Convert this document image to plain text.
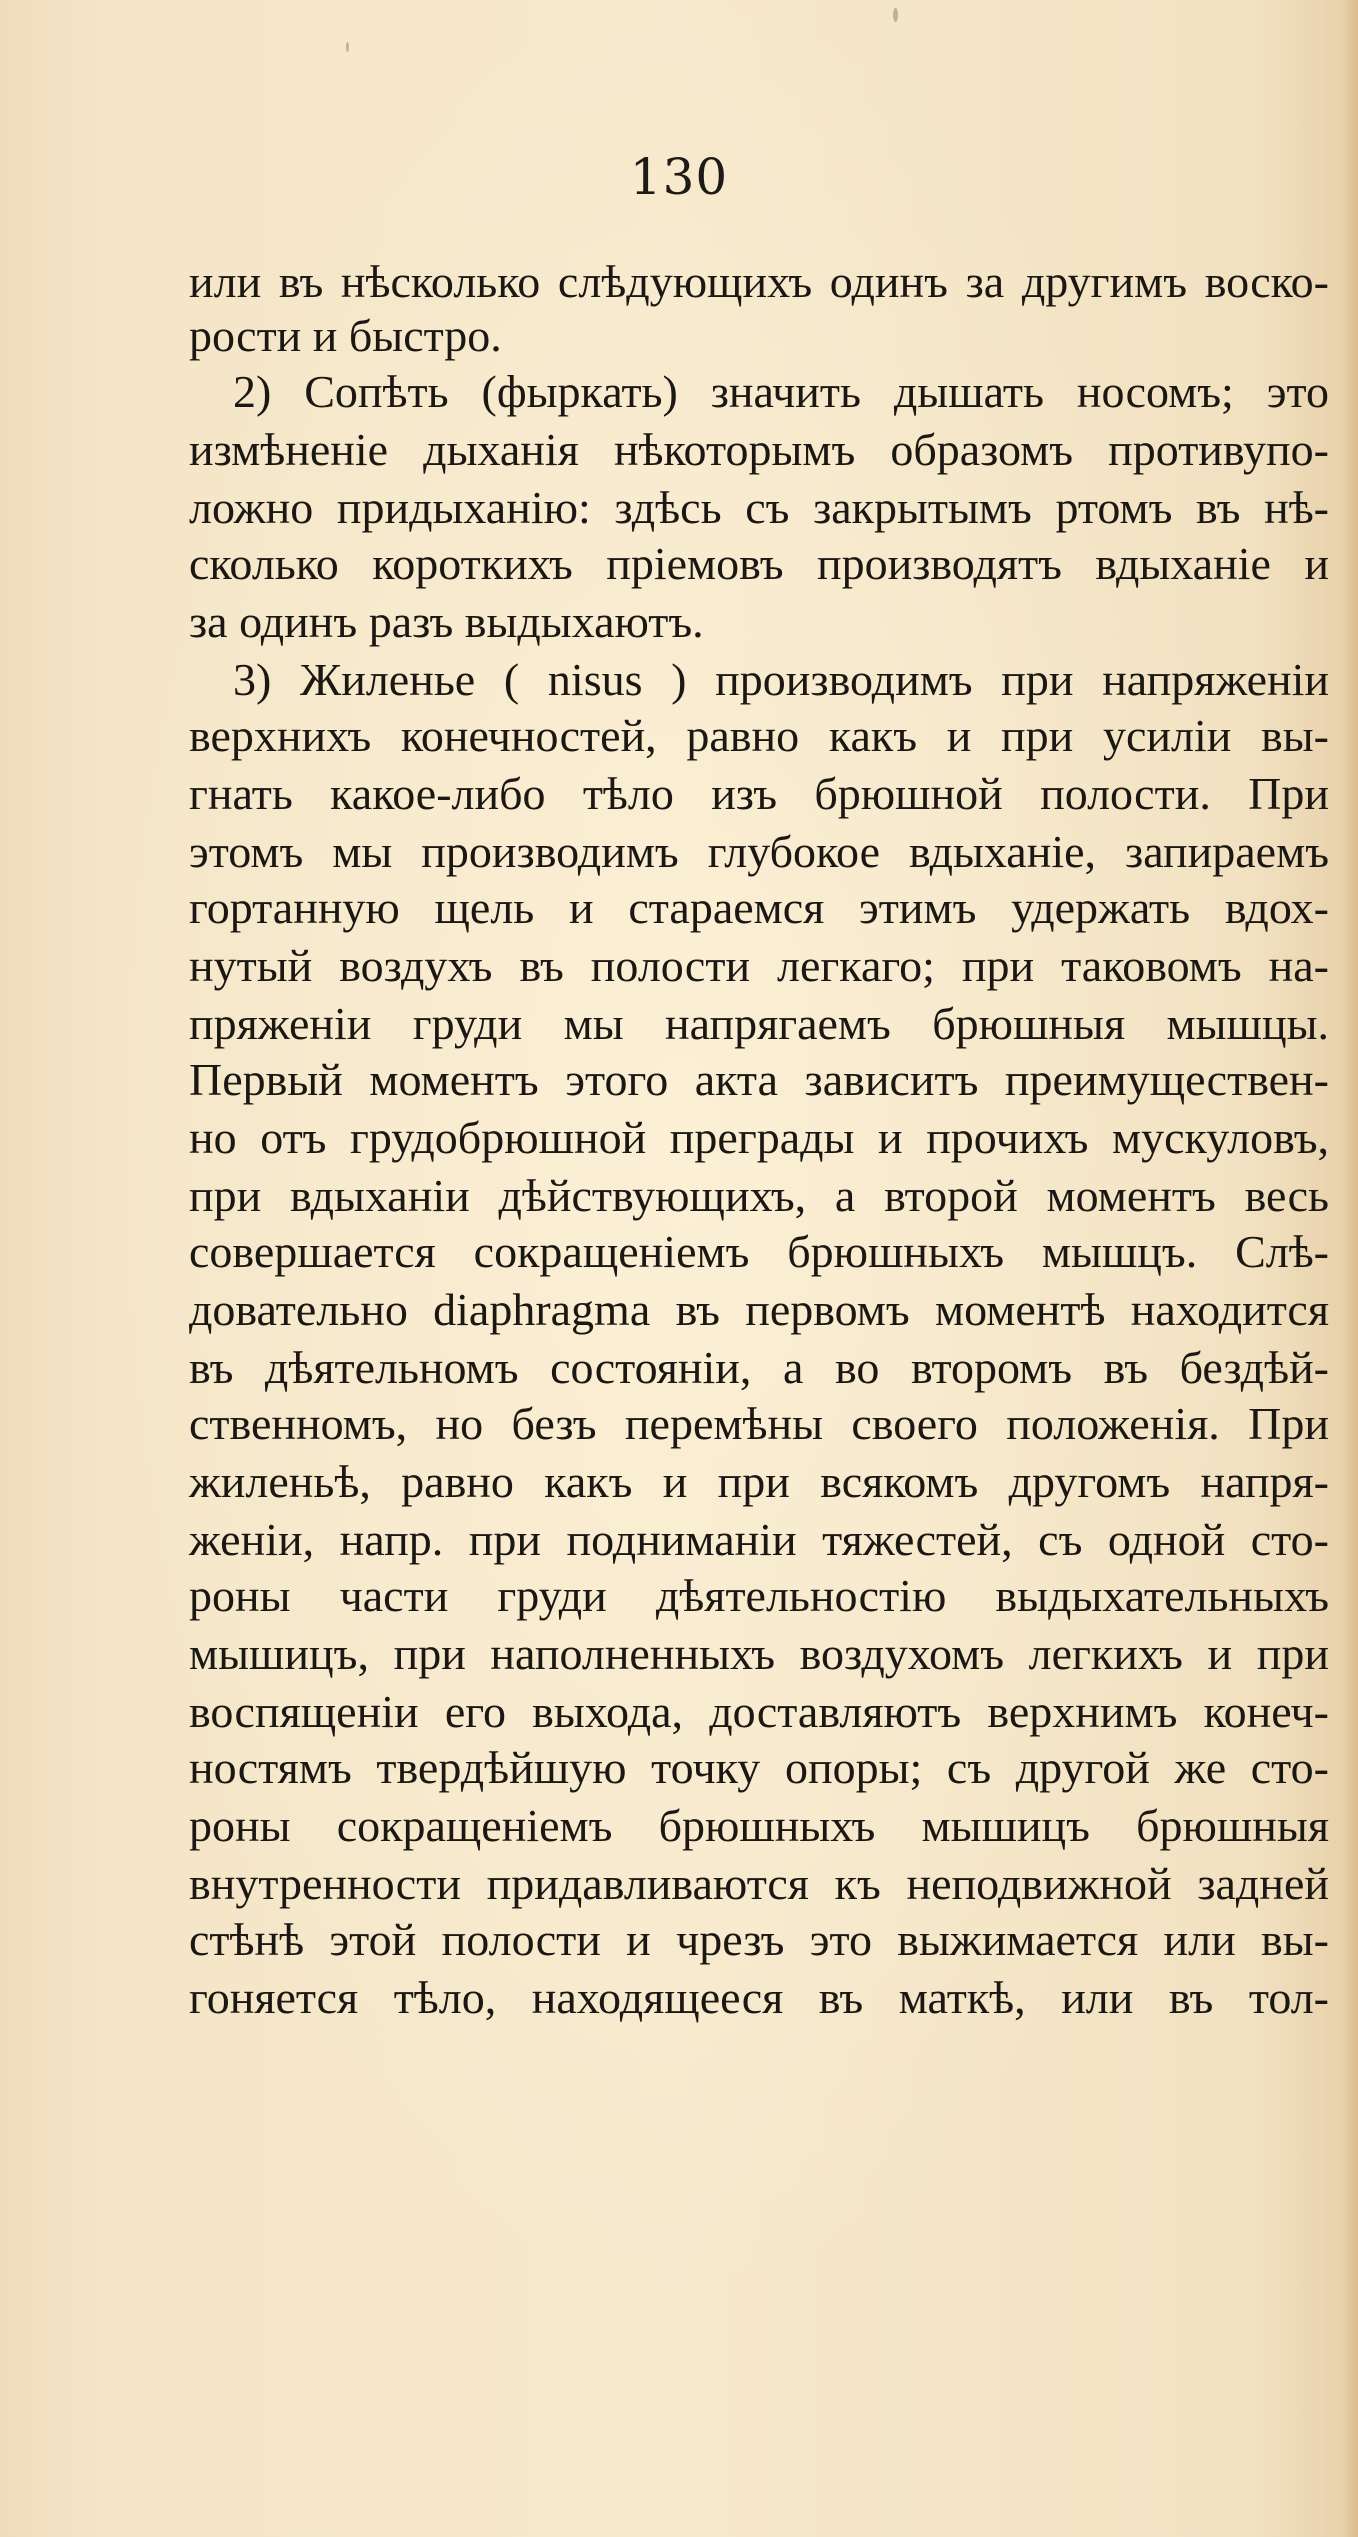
130
или въ нѣсколько слѣдующихъ одинъ за другимъ воско-
рости и быстро.
2) Сопѣть (фыркать) значить дышать носомъ; это
измѣненіе дыханія нѣкоторымъ образомъ противупо-
ложно придыханію: здѣсь съ закрытымъ ртомъ въ нѣ-
сколько короткихъ пріемовъ производятъ вдыханіе и
за одинъ разъ выдыхаютъ.
3) Жиленье ( nisus ) производимъ при напряженіи
верхнихъ конечностей, равно какъ и при усиліи вы-
гнать какое-либо тѣло изъ брюшной полости. При
этомъ мы производимъ глубокое вдыханіе, запираемъ
гортанную щель и стараемся этимъ удержать вдох-
нутый воздухъ въ полости легкаго; при таковомъ на-
пряженіи груди мы напрягаемъ брюшныя мышцы.
Первый моментъ этого акта зависитъ преимуществен-
но отъ грудобрюшной преграды и прочихъ мускуловъ,
при вдыханіи дѣйствующихъ, а второй моментъ весь
совершается сокращеніемъ брюшныхъ мышцъ. Слѣ-
довательно diaphragma въ первомъ моментѣ находится
въ дѣятельномъ состояніи, а во второмъ въ бездѣй-
ственномъ, но безъ перемѣны своего положенія. При
жиленьѣ, равно какъ и при всякомъ другомъ напря-
женіи, напр. при подниманіи тяжестей, съ одной сто-
роны части груди дѣятельностію выдыхательныхъ
мышицъ, при наполненныхъ воздухомъ легкихъ и при
воспященіи его выхода, доставляютъ верхнимъ конеч-
ностямъ твердѣйшую точку опоры; съ другой же сто-
роны сокращеніемъ брюшныхъ мышицъ брюшныя
внутренности придавливаются къ неподвижной задней
стѣнѣ этой полости и чрезъ это выжимается или вы-
гоняется тѣло, находящееся въ маткѣ, или въ тол-
